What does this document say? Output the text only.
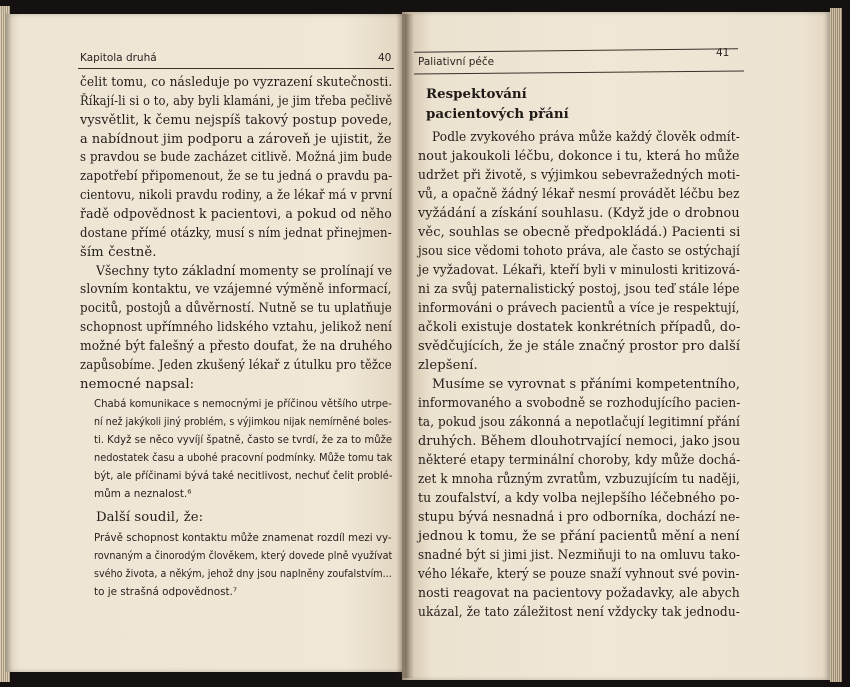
Kapitola druhá	40	Paliativní péče
41
čelit tomu, co následuje po vyzrazení skutečnosti.
Říkají-li si o to, aby byli klamáni, je jim třeba pečlivě
vysvětlit, k čemu nejspíš takový postup povede,
a nabídnout jim podporu a zároveň je ujistit, že
s pravdou se bude zacházet citlivě. Možná jim bude
zapotřebí připomenout, že se tu jedná o pravdu pa-
cientovu, nikoli pravdu rodiny, a že lékař má v první
řadě odpovědnost k pacientovi, a pokud od něho
dostane přímé otázky, musí s ním jednat přinejmen-
ším čestně.
Všechny tyto základní momenty se prolínají ve
slovním kontaktu, ve vzájemné výměně informací,
pocitů, postojů a důvěrností. Nutně se tu uplatňuje
schopnost upřímného lidského vztahu, jelikož není
možné být falešný a přesto doufat, že na druhého
zapůsobíme. Jeden zkušený lékař z útulku pro těžce
nemocné napsal:
Chabá komunikace s nemocnými je příčinou většího utrpe-
ní než jakýkoli jiný problém, s výjimkou nijak nemírněné boles-
ti. Když se něco vyvíjí špatně, často se tvrdí, že za to může
nedostatek času a ubohé pracovní podmínky. Může tomu tak
být, ale příčinami bývá také necitlivost, nechuť čelit problé-
mům a neznalost.⁶
Další soudil, že:
Právě schopnost kontaktu může znamenat rozdíl mezi vy-
rovnaným a činorodým člověkem, který dovede plně využívat
svého života, a někým, jehož dny jsou naplněny zoufalstvím...
to je strašná odpovědnost.⁷
Respektování
pacientových přání
Podle zvykového práva může každý člověk odmít-
nout jakoukoli léčbu, dokonce i tu, která ho může
udržet při životě, s výjimkou sebevražedných moti-
vů, a opačně žádný lékař nesmí provádět léčbu bez
vyžádání a získání souhlasu. (Když jde o drobnou
věc, souhlas se obecně předpokládá.) Pacienti si
jsou sice vědomi tohoto práva, ale často se ostýchají
je vyžadovat. Lékaři, kteří byli v minulosti kritizová-
ni za svůj paternalistický postoj, jsou teď stále lépe
informováni o právech pacientů a více je respektují,
ačkoli existuje dostatek konkrétních případů, do-
svědčujících, že je stále značný prostor pro další
zlepšení.
Musíme se vyrovnat s přáními kompetentního,
informovaného a svobodně se rozhodujícího pacien-
ta, pokud jsou zákonná a nepotlačují legitimní přání
druhých. Během dlouhotrvající nemoci, jako jsou
některé etapy terminální choroby, kdy může dochá-
zet k mnoha různým zvratům, vzbuzujícím tu naději,
tu zoufalství, a kdy volba nejlepšího léčebného po-
stupu bývá nesnadná i pro odborníka, dochází ne-
jednou k tomu, že se přání pacientů mění a není
snadné být si jimi jist. Nezmiňuji to na omluvu tako-
vého lékaře, který se pouze snaží vyhnout své povin-
nosti reagovat na pacientovy požadavky, ale abych
ukázal, že tato záležitost není vždycky tak jednodu-
